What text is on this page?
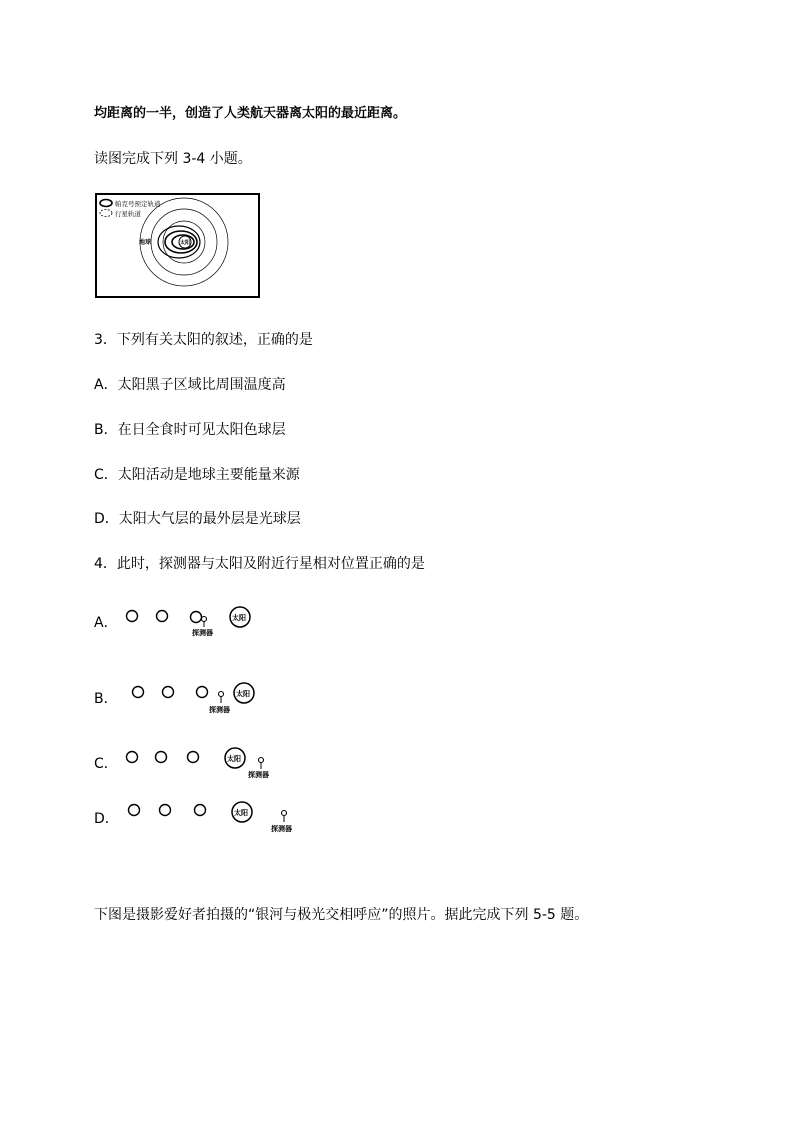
均距离的一半，创造了人类航天器离太阳的最近距离。
读图完成下列 3-4 小题。
帕克号预定轨道
行星轨道
太阳
地球
3．下列有关太阳的叙述，正确的是
A．太阳黑子区域比周围温度高
B．在日全食时可见太阳色球层
C．太阳活动是地球主要能量来源
D．太阳大气层的最外层是光球层
4．此时，探测器与太阳及附近行星相对位置正确的是
A．	太阳
探测器
B．	太阳
探测器
C．	太阳
探测器
D．	太阳
探测器
下图是摄影爱好者拍摄的“银河与极光交相呼应”的照片。据此完成下列 5-5 题。
